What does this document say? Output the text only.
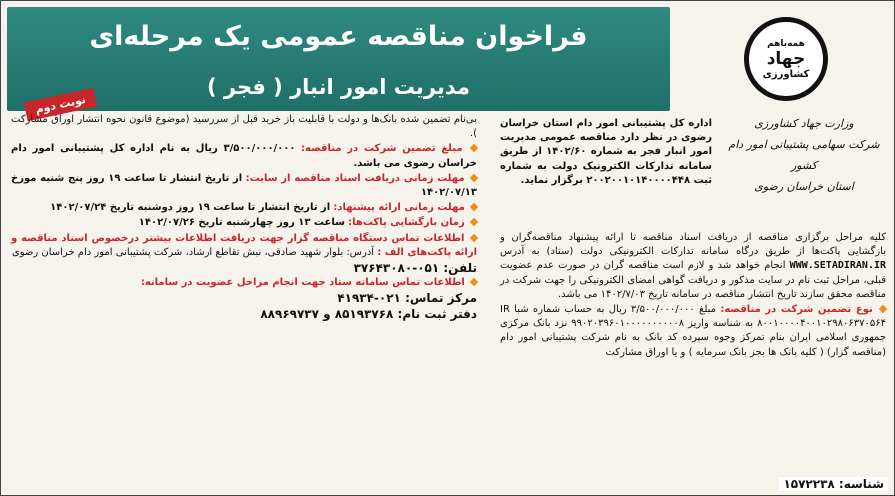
فراخوان مناقصه عمومی یک مرحله‌ای
مدیریت امور انبار ( فجر )
نوبت دوم
همه‌با‌هم
جهاد
کشاورزی
وزارت جهاد کشاورزی
شرکت سهامی پشتیبانی امور دام کشور
استان خراسان رضوی

اداره کل پشتیبانی امور دام استان خراسان رضوی در نظر دارد مناقصه عمومی مدیریت امور انبار فجر به شماره ۱۴۰۲/۶۰ از طریق سامانه تدارکات الکترونیک دولت به شماره ثبت ۲۰۰۲۰۰۱۰۱۴۰۰۰۰۴۴۸ برگزار نماید.

کلیه مراحل برگزاری مناقصه از دریافت اسناد مناقصه تا ارائه پیشنهاد مناقصه‌گران و بازگشایی پاکت‌ها از طریق درگاه سامانه تدارکات الکترونیکی دولت (ستاد) به آدرس WWW.SETADIRAN.IR انجام خواهد شد و لازم است مناقصه گران در صورت عدم عضویت قبلی، مراحل ثبت نام در سایت مذکور و دریافت گواهی امضای الکترونیکی را جهت شرکت در مناقصه محقق سازند تاریخ انتشار مناقصه در سامانه تاریخ ۱۴۰۲/۷/۰۳ می باشد.

نوع تضمین شرکت در مناقصه: مبلغ ۳/۵۰۰/۰۰۰/۰۰۰ ریال به حساب شماره شبا IR ۸۰۰۱۰۰۰۰۴۰۰۱۰۲۹۸۰۶۳۷۰۵۶۴ به شناسه واریز ۹۹۰۲۰۳۹۶۰۱۰۰۰۰۰۰۰۰۰۰۸ نزد بانک مرکزی جمهوری اسلامی ایران بنام تمرکز وجوه سپرده کد بانک به نام شرکت پشتیبانی امور دام (مناقصه گزار) ( کلیه بانک ها بجز بانک سرمایه ) و یا اوراق مشارکت

بی‌نام تضمین شده بانک‌ها و دولت با قابلیت باز خرید قبل از سررسید (موضوع قانون نحوه انتشار اوراق مشارکت ).

مبلغ تضمین شرکت در مناقصه: ۳/۵۰۰/۰۰۰/۰۰۰ ریال به نام اداره کل پشتیبانی امور دام خراسان رضوی می باشد.

مهلت زمانی دریافت اسناد مناقصه از سایت: از تاریخ انتشار تا ساعت ۱۹ روز پنج شنبه مورخ ۱۴۰۲/۰۷/۱۳

مهلت زمانی ارائه پیشنهاد: از تاریخ انتشار تا ساعت ۱۹ روز دوشنبه تاریخ ۱۴۰۲/۰۷/۲۴

زمان بازگشایی پاکت‌ها: ساعت ۱۳ روز چهارشنبه تاریخ ۱۴۰۲/۰۷/۲۶

اطلاعات تماس دستگاه مناقصه گزار جهت دریافت اطلاعات بیشتر درخصوص اسناد مناقصه و ارائه پاکت‌های الف : آدرس: بلوار شهید صادقی، نبش تقاطع ارشاد، شرکت پشتیبانی امور دام خراسان رضوی

تلفن: ۰۵۱-۳۷۶۴۳۰۸۰

اطلاعات تماس سامانه ستاد جهت انجام مراحل عضویت در سامانه:

مرکز تماس: ۰۲۱-۴۱۹۳۴

دفتر ثبت نام: ۸۵۱۹۳۷۶۸ و ۸۸۹۶۹۷۳۷

شناسه: ۱۵۷۲۲۳۸
